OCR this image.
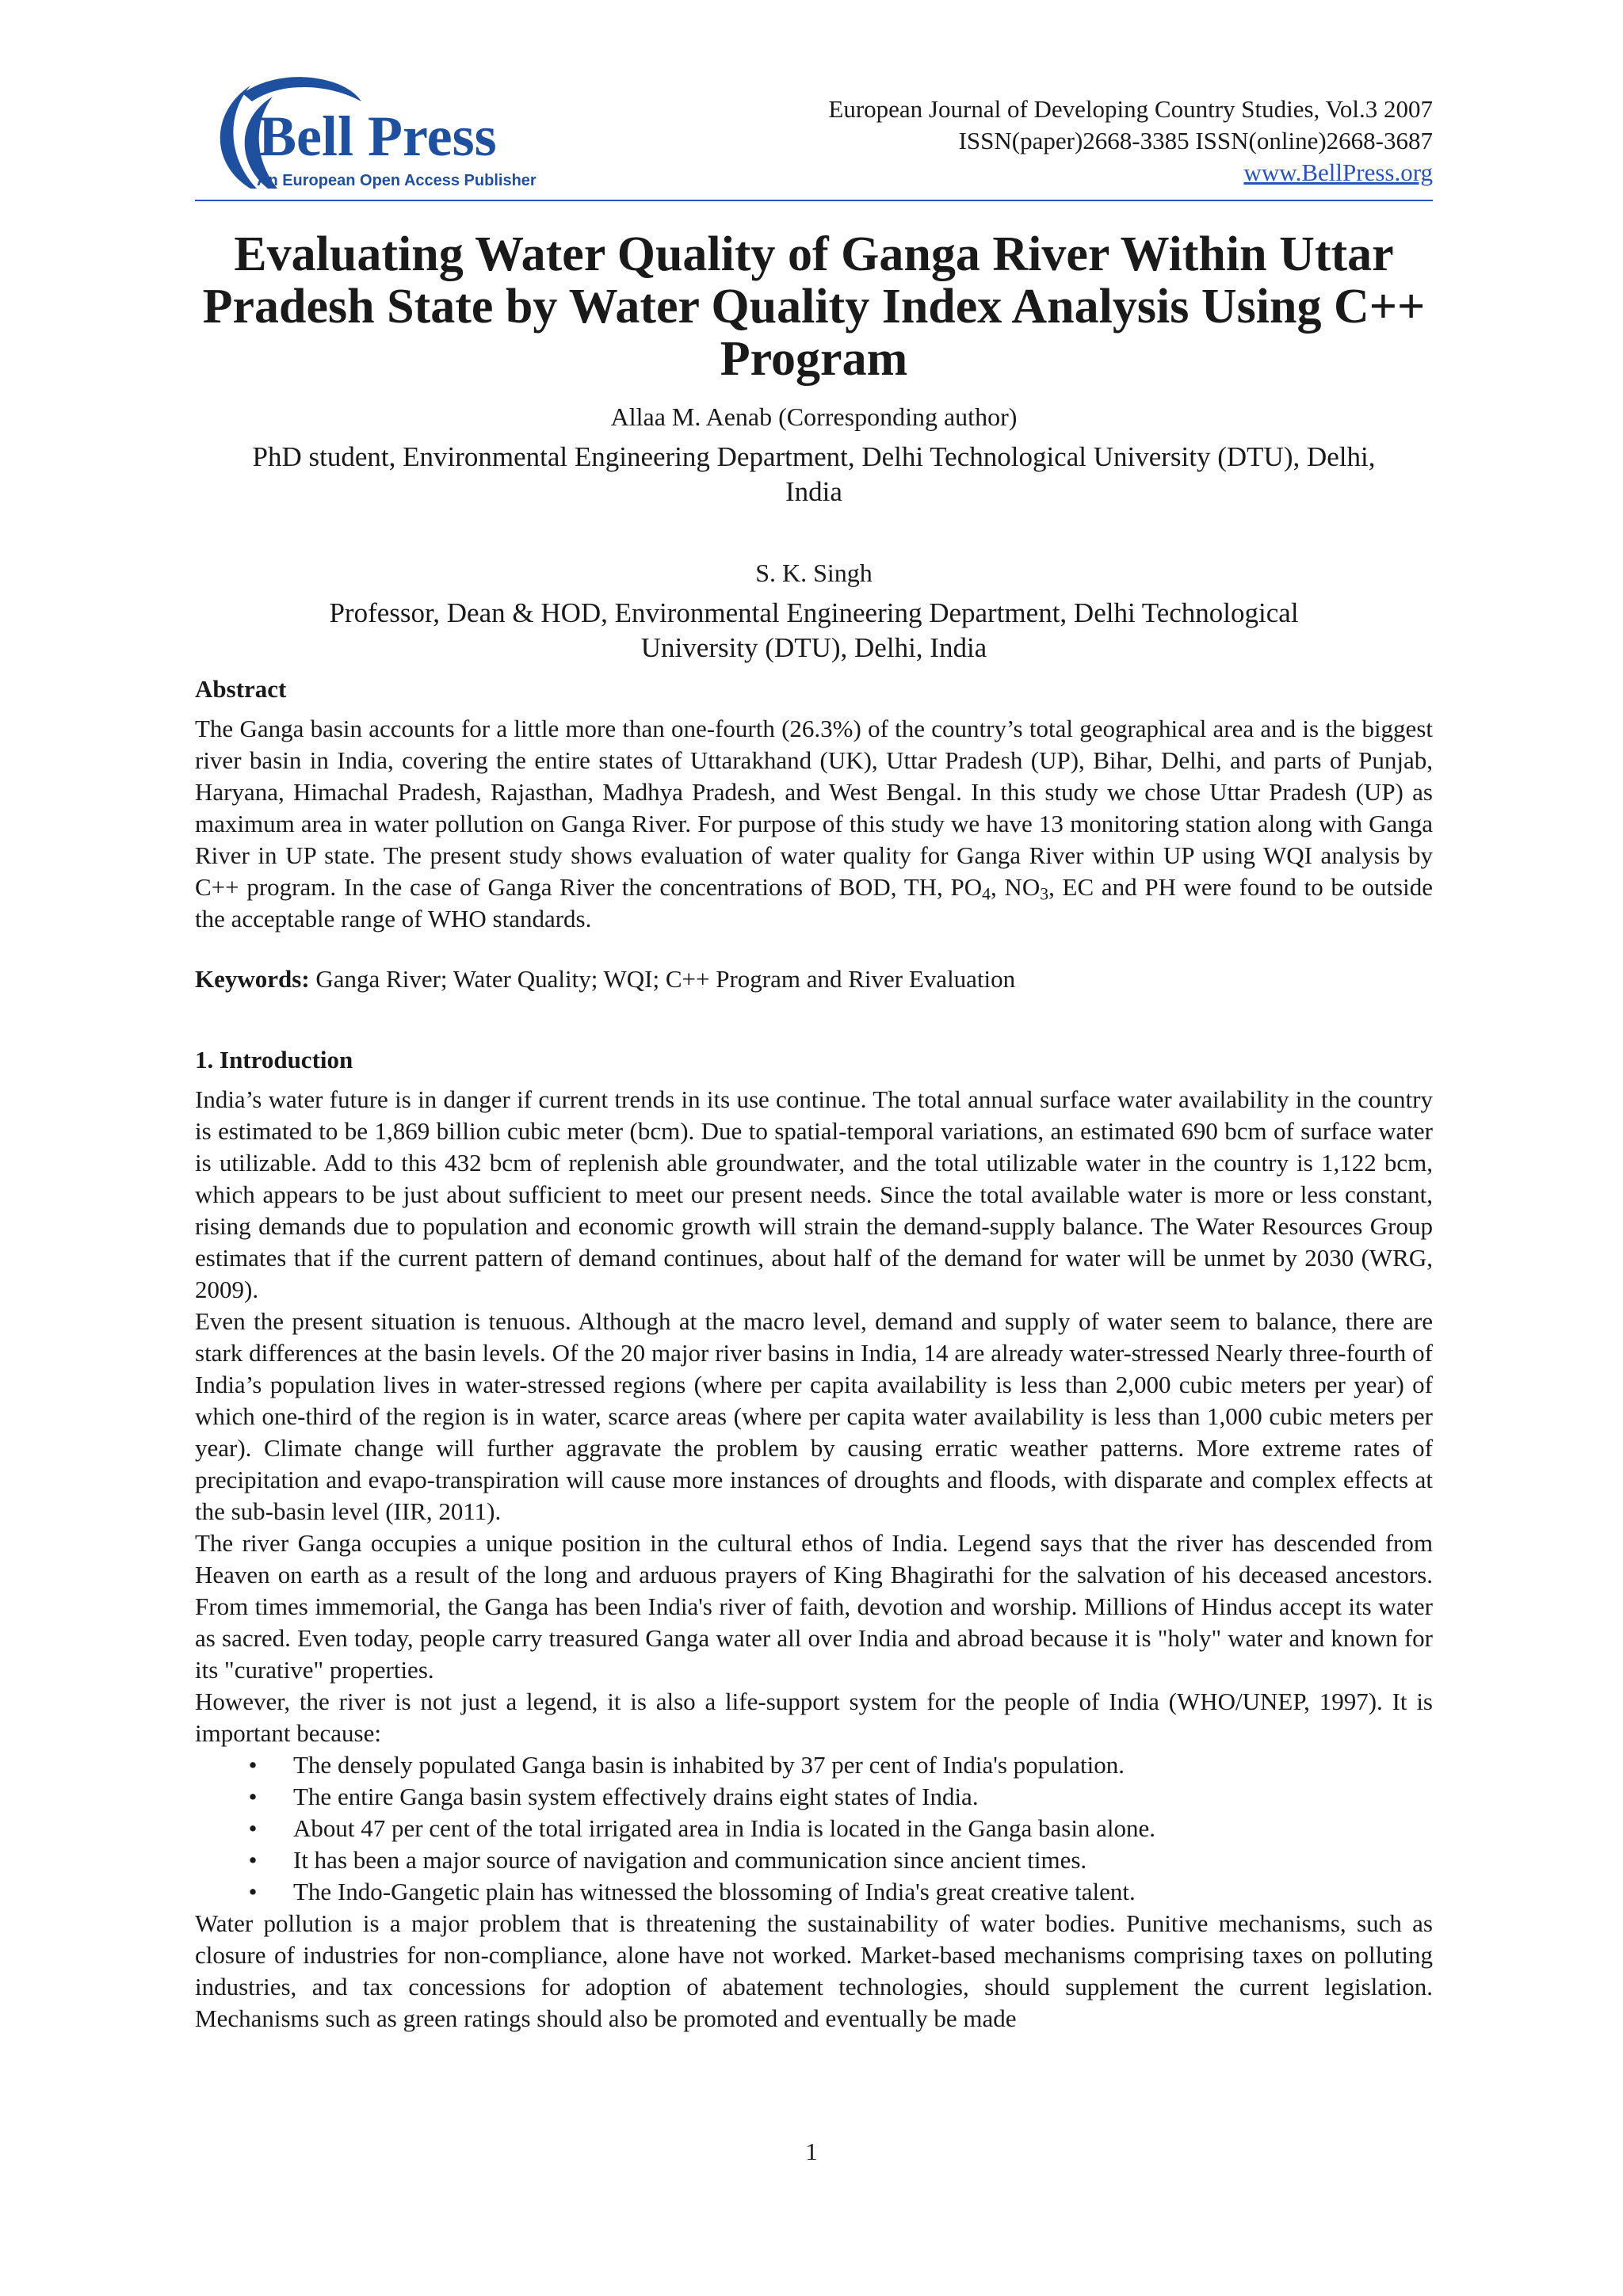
Bell Press
An European Open Access Publisher
European Journal of Developing Country Studies, Vol.3 2007
ISSN(paper)2668-3385 ISSN(online)2668-3687
www.BellPress.org
Evaluating Water Quality of Ganga River Within Uttar
Pradesh State by Water Quality Index Analysis Using C++
Program

Allaa M. Aenab (Corresponding author)

PhD student, Environmental Engineering Department, Delhi Technological University (DTU), Delhi,
India

S. K. Singh

Professor, Dean & HOD, Environmental Engineering Department, Delhi Technological
University (DTU), Delhi, India

Abstract

The Ganga basin accounts for a little more than one-fourth (26.3%) of the country’s total geographical area and is the biggest river basin in India, covering the entire states of Uttarakhand (UK), Uttar Pradesh (UP), Bihar, Delhi, and parts of Punjab, Haryana, Himachal Pradesh, Rajasthan, Madhya Pradesh, and West Bengal. In this study we chose Uttar Pradesh (UP) as maximum area in water pollution on Ganga River. For purpose of this study we have 13 monitoring station along with Ganga River in UP state. The present study shows evaluation of water quality for Ganga River within UP using WQI analysis by C++ program. In the case of Ganga River the concentrations of BOD, TH, $PO_4$, $NO_3$, EC and PH were found to be outside the acceptable range of WHO standards.

Keywords: Ganga River; Water Quality; WQI; C++ Program and River Evaluation

1. Introduction

India’s water future is in danger if current trends in its use continue. The total annual surface water availability in the country is estimated to be 1,869 billion cubic meter (bcm). Due to spatial-temporal variations, an estimated 690 bcm of surface water is utilizable. Add to this 432 bcm of replenish able groundwater, and the total utilizable water in the country is 1,122 bcm, which appears to be just about sufficient to meet our present needs. Since the total available water is more or less constant, rising demands due to population and economic growth will strain the demand-supply balance. The Water Resources Group estimates that if the current pattern of demand continues, about half of the demand for water will be unmet by 2030 (WRG, 2009).

Even the present situation is tenuous. Although at the macro level, demand and supply of water seem to balance, there are stark differences at the basin levels. Of the 20 major river basins in India, 14 are already water-stressed Nearly three-fourth of India’s population lives in water-stressed regions (where per capita availability is less than 2,000 cubic meters per year) of which one-third of the region is in water, scarce areas (where per capita water availability is less than 1,000 cubic meters per year). Climate change will further aggravate the problem by causing erratic weather patterns. More extreme rates of precipitation and evapo-transpiration will cause more instances of droughts and floods, with disparate and complex effects at the sub-basin level (IIR, 2011).

The river Ganga occupies a unique position in the cultural ethos of India. Legend says that the river has descended from Heaven on earth as a result of the long and arduous prayers of King Bhagirathi for the salvation of his deceased ancestors. From times immemorial, the Ganga has been India's river of faith, devotion and worship. Millions of Hindus accept its water as sacred. Even today, people carry treasured Ganga water all over India and abroad because it is "holy" water and known for its "curative" properties.

However, the river is not just a legend, it is also a life-support system for the people of India (WHO/UNEP, 1997). It is important because:

• The densely populated Ganga basin is inhabited by 37 per cent of India's population.
• The entire Ganga basin system effectively drains eight states of India.
• About 47 per cent of the total irrigated area in India is located in the Ganga basin alone.
• It has been a major source of navigation and communication since ancient times.
• The Indo-Gangetic plain has witnessed the blossoming of India's great creative talent.

Water pollution is a major problem that is threatening the sustainability of water bodies. Punitive mechanisms, such as closure of industries for non-compliance, alone have not worked. Market-based mechanisms comprising taxes on polluting industries, and tax concessions for adoption of abatement technologies, should supplement the current legislation. Mechanisms such as green ratings should also be promoted and eventually be made

1
